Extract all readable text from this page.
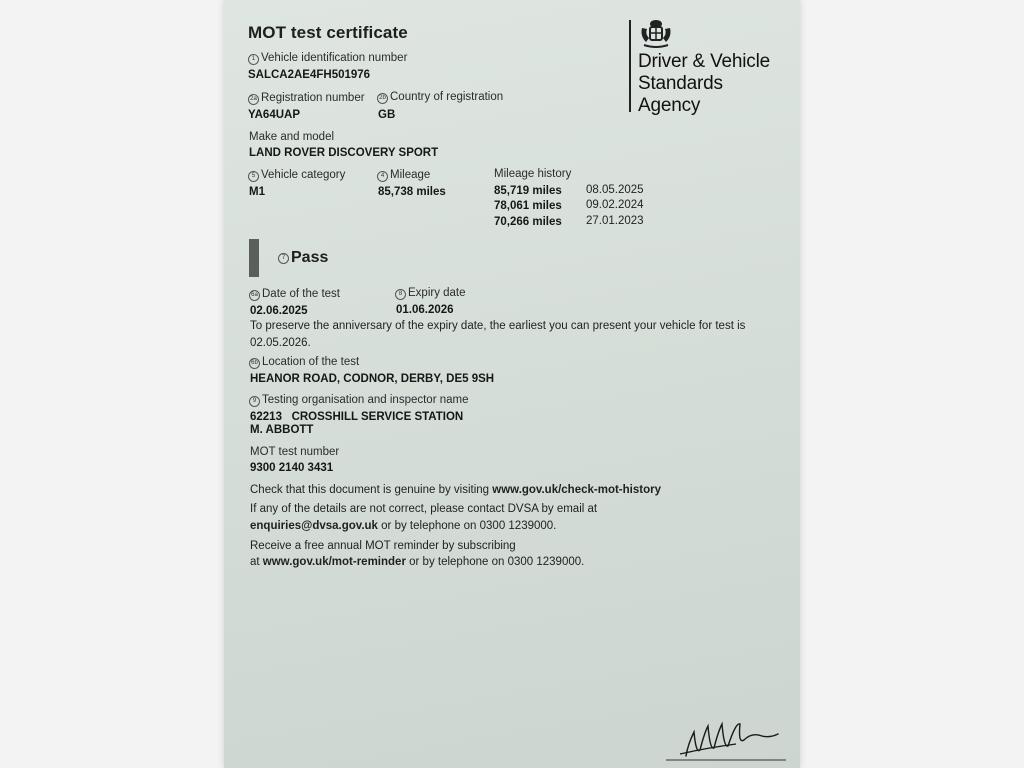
MOT test certificate
Driver & Vehicle
Standards
Agency
1 Vehicle identification number
SALCA2AE4FH501976
2a Registration number
YA64UAP
2b Country of registration
GB
Make and model
LAND ROVER DISCOVERY SPORT
5 Vehicle category
M1
4 Mileage
85,738 miles
Mileage history
85,719 miles 08.05.2025
78,061 miles 09.02.2024
70,266 miles 27.01.2023
7 Pass
6a Date of the test
02.06.2025
8 Expiry date
01.06.2026
To preserve the anniversary of the expiry date, the earliest you can present your vehicle for test is
02.05.2026.
6b Location of the test
HEANOR ROAD, CODNOR, DERBY, DE5 9SH
9 Testing organisation and inspector name
62213   CROSSHILL SERVICE STATION
M. ABBOTT
MOT test number
9300 2140 3431
Check that this document is genuine by visiting www.gov.uk/check-mot-history
If any of the details are not correct, please contact DVSA by email at
enquiries@dvsa.gov.uk or by telephone on 0300 1239000.
Receive a free annual MOT reminder by subscribing
at www.gov.uk/mot-reminder or by telephone on 0300 1239000.
